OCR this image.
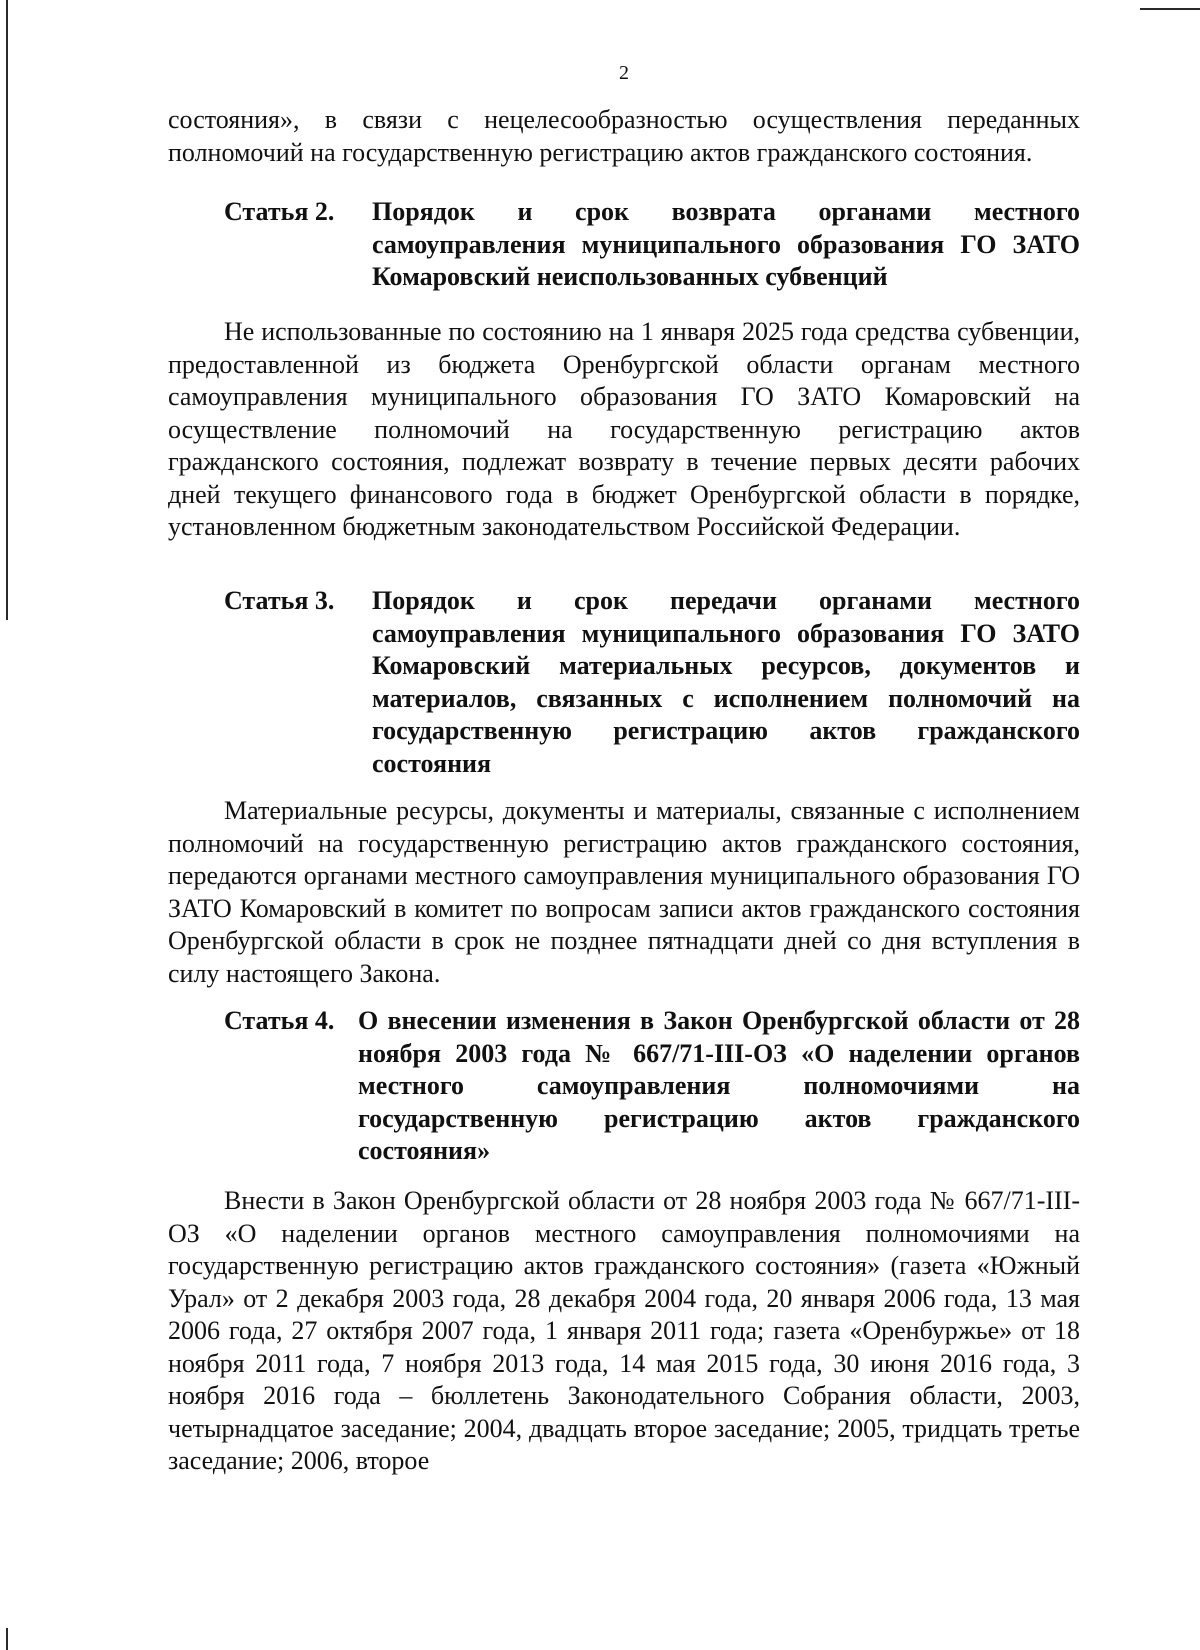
2

состояния», в связи с нецелесообразностью осуществления переданных полномочий на государственную регистрацию актов гражданского состояния.

Статья 2.	Порядок и срок возврата органами местного самоуправления муниципального образования ГО ЗАТО Комаровский неиспользованных субвенций

Не использованные по состоянию на 1 января 2025 года средства субвенции, предоставленной из бюджета Оренбургской области органам местного самоуправления муниципального образования ГО ЗАТО Комаровский на осуществление полномочий на государственную регистрацию актов гражданского состояния, подлежат возврату в течение первых десяти рабочих дней текущего финансового года в бюджет Оренбургской области в порядке, установленном бюджетным законодательством Российской Федерации.

Статья 3.	Порядок и срок передачи органами местного самоуправления муниципального образования ГО ЗАТО Комаровский материальных ресурсов, документов и материалов, связанных с исполнением полномочий на государственную регистрацию актов гражданского состояния

Материальные ресурсы, документы и материалы, связанные с исполнением полномочий на государственную регистрацию актов гражданского состояния, передаются органами местного самоуправления муниципального образования ГО ЗАТО Комаровский в комитет по вопросам записи актов гражданского состояния Оренбургской области в срок не позднее пятнадцати дней со дня вступления в силу настоящего Закона.

Статья 4. О внесении изменения в Закон Оренбургской области от 28 ноября 2003 года № 667/71-III-ОЗ «О наделении органов местного самоуправления полномочиями на государственную регистрацию актов гражданского состояния»

Внести в Закон Оренбургской области от 28 ноября 2003 года № 667/71-III-ОЗ «О наделении органов местного самоуправления полномочиями на государственную регистрацию актов гражданского состояния» (газета «Южный Урал» от 2 декабря 2003 года, 28 декабря 2004 года, 20 января 2006 года, 13 мая 2006 года, 27 октября 2007 года, 1 января 2011 года; газета «Оренбуржье» от 18 ноября 2011 года, 7 ноября 2013 года, 14 мая 2015 года, 30 июня 2016 года, 3 ноября 2016 года – бюллетень Законодательного Собрания области, 2003, четырнадцатое заседание; 2004, двадцать второе заседание; 2005, тридцать третье заседание; 2006, второе
